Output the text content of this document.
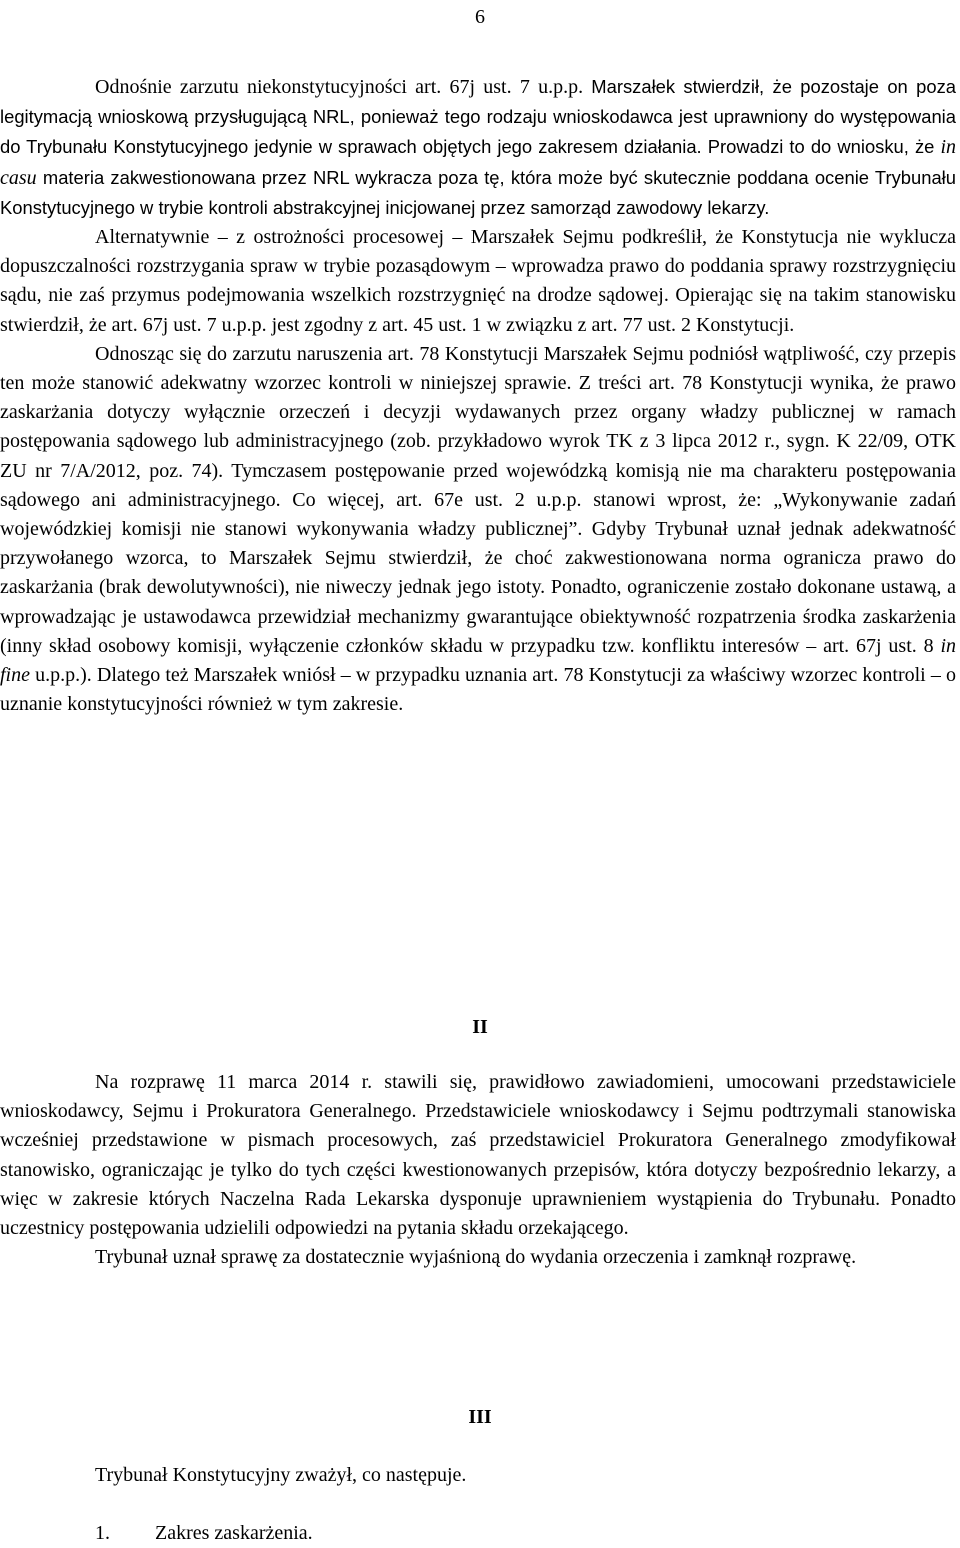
6

Odnośnie zarzutu niekonstytucyjności art. 67j ust. 7 u.p.p. Marszałek stwierdził, że pozostaje on poza legitymacją wnioskową przysługującą NRL, ponieważ tego rodzaju wnioskodawca jest uprawniony do występowania do Trybunału Konstytucyjnego jedynie w sprawach objętych jego zakresem działania. Prowadzi to do wniosku, że in casu materia zakwestionowana przez NRL wykracza poza tę, która może być skutecznie poddana ocenie Trybunału Konstytucyjnego w trybie kontroli abstrakcyjnej inicjowanej przez samorząd zawodowy lekarzy.

Alternatywnie – z ostrożności procesowej – Marszałek Sejmu podkreślił, że Konstytucja nie wyklucza dopuszczalności rozstrzygania spraw w trybie pozasądowym – wprowadza prawo do poddania sprawy rozstrzygnięciu sądu, nie zaś przymus podejmowania wszelkich rozstrzygnięć na drodze sądowej. Opierając się na takim stanowisku stwierdził, że art. 67j ust. 7 u.p.p. jest zgodny z art. 45 ust. 1 w związku z art. 77 ust. 2 Konstytucji.

Odnosząc się do zarzutu naruszenia art. 78 Konstytucji Marszałek Sejmu podniósł wątpliwość, czy przepis ten może stanowić adekwatny wzorzec kontroli w niniejszej sprawie. Z treści art. 78 Konstytucji wynika, że prawo zaskarżania dotyczy wyłącznie orzeczeń i decyzji wydawanych przez organy władzy publicznej w ramach postępowania sądowego lub administracyjnego (zob. przykładowo wyrok TK z 3 lipca 2012 r., sygn. K 22/09, OTK ZU nr 7/A/2012, poz. 74). Tymczasem postępowanie przed wojewódzką komisją nie ma charakteru postępowania sądowego ani administracyjnego. Co więcej, art. 67e ust. 2 u.p.p. stanowi wprost, że: „Wykonywanie zadań wojewódzkiej komisji nie stanowi wykonywania władzy publicznej”. Gdyby Trybunał uznał jednak adekwatność przywołanego wzorca, to Marszałek Sejmu stwierdził, że choć zakwestionowana norma ogranicza prawo do zaskarżania (brak dewolutywności), nie niweczy jednak jego istoty. Ponadto, ograniczenie zostało dokonane ustawą, a wprowadzając je ustawodawca przewidział mechanizmy gwarantujące obiektywność rozpatrzenia środka zaskarżenia (inny skład osobowy komisji, wyłączenie członków składu w przypadku tzw. konfliktu interesów – art. 67j ust. 8 in fine u.p.p.). Dlatego też Marszałek wniósł – w przypadku uznania art. 78 Konstytucji za właściwy wzorzec kontroli – o uznanie konstytucyjności również w tym zakresie.

II

Na rozprawę 11 marca 2014 r. stawili się, prawidłowo zawiadomieni, umocowani przedstawiciele wnioskodawcy, Sejmu i Prokuratora Generalnego. Przedstawiciele wnioskodawcy i Sejmu podtrzymali stanowiska wcześniej przedstawione w pismach procesowych, zaś przedstawiciel Prokuratora Generalnego zmodyfikował stanowisko, ograniczając je tylko do tych części kwestionowanych przepisów, która dotyczy bezpośrednio lekarzy, a więc w zakresie których Naczelna Rada Lekarska dysponuje uprawnieniem wystąpienia do Trybunału. Ponadto uczestnicy postępowania udzielili odpowiedzi na pytania składu orzekającego.

Trybunał uznał sprawę za dostatecznie wyjaśnioną do wydania orzeczenia i zamknął rozprawę.

III
Trybunał Konstytucyjny zważył, co następuje.
1. Zakres zaskarżenia.
